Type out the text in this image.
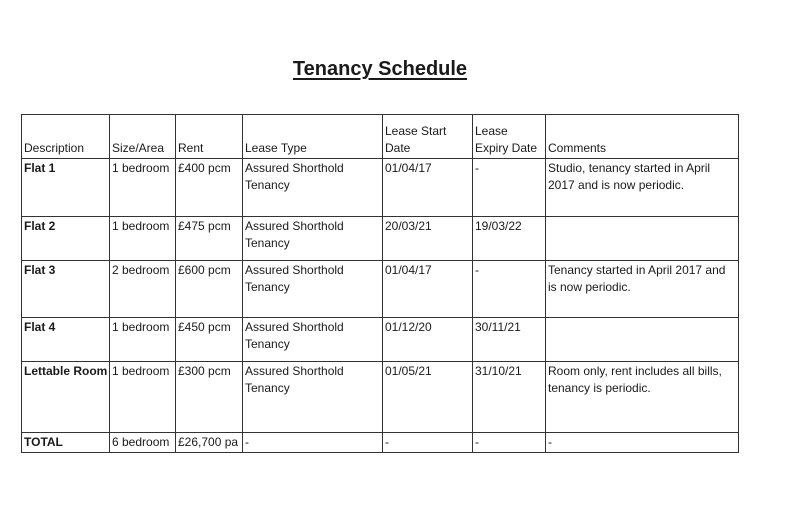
Tenancy Schedule
Description	Size/Area	Rent	Lease Type	Lease Start Date	Lease Expiry Date	Comments
Flat 1	1 bedroom	£400 pcm	Assured Shorthold Tenancy	01/04/17	-	Studio, tenancy started in April 2017 and is now periodic.
Flat 2	1 bedroom	£475 pcm	Assured Shorthold Tenancy	20/03/21	19/03/22	
Flat 3	2 bedroom	£600 pcm	Assured Shorthold Tenancy	01/04/17	-	Tenancy started in April 2017 and is now periodic.
Flat 4	1 bedroom	£450 pcm	Assured Shorthold Tenancy	01/12/20	30/11/21	
Lettable Room	1 bedroom	£300 pcm	Assured Shorthold Tenancy	01/05/21	31/10/21	Room only, rent includes all bills, tenancy is periodic.
TOTAL	6 bedroom	£26,700 pa	-	-	-	-
